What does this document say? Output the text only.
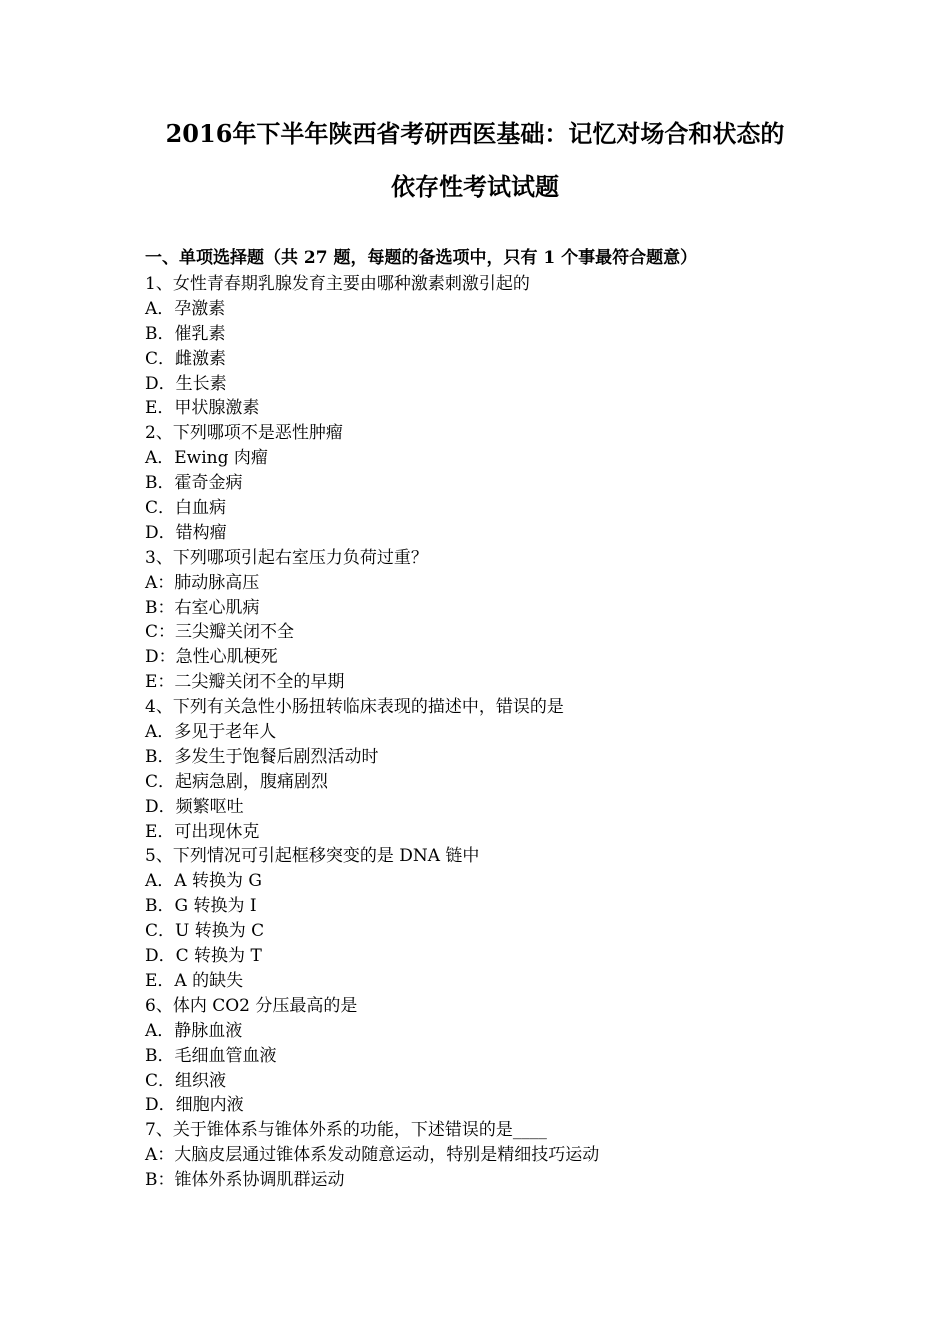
2016年下半年陕西省考研西医基础：记忆对场合和状态的
依存性考试试题
一、单项选择题（共 27 题，每题的备选项中，只有 1 个事最符合题意）
1、女性青春期乳腺发育主要由哪种激素刺激引起的
A．孕激素
B．催乳素
C．雌激素
D．生长素
E．甲状腺激素
2、下列哪项不是恶性肿瘤
A．Ewing 肉瘤
B．霍奇金病
C．白血病
D．错构瘤
3、下列哪项引起右室压力负荷过重？
A：肺动脉高压
B：右室心肌病
C：三尖瓣关闭不全
D：急性心肌梗死
E：二尖瓣关闭不全的早期
4、下列有关急性小肠扭转临床表现的描述中，错误的是
A．多见于老年人
B．多发生于饱餐后剧烈活动时
C．起病急剧，腹痛剧烈
D．频繁呕吐
E．可出现休克
5、下列情况可引起框移突变的是 DNA 链中
A．A 转换为 G
B．G 转换为 I
C．U 转换为 C
D．C 转换为 T
E．A 的缺失
6、体内 CO2 分压最高的是
A．静脉血液
B．毛细血管血液
C．组织液
D．细胞内液
7、关于锥体系与锥体外系的功能，下述错误的是____
A：大脑皮层通过锥体系发动随意运动，特别是精细技巧运动
B：锥体外系协调肌群运动
